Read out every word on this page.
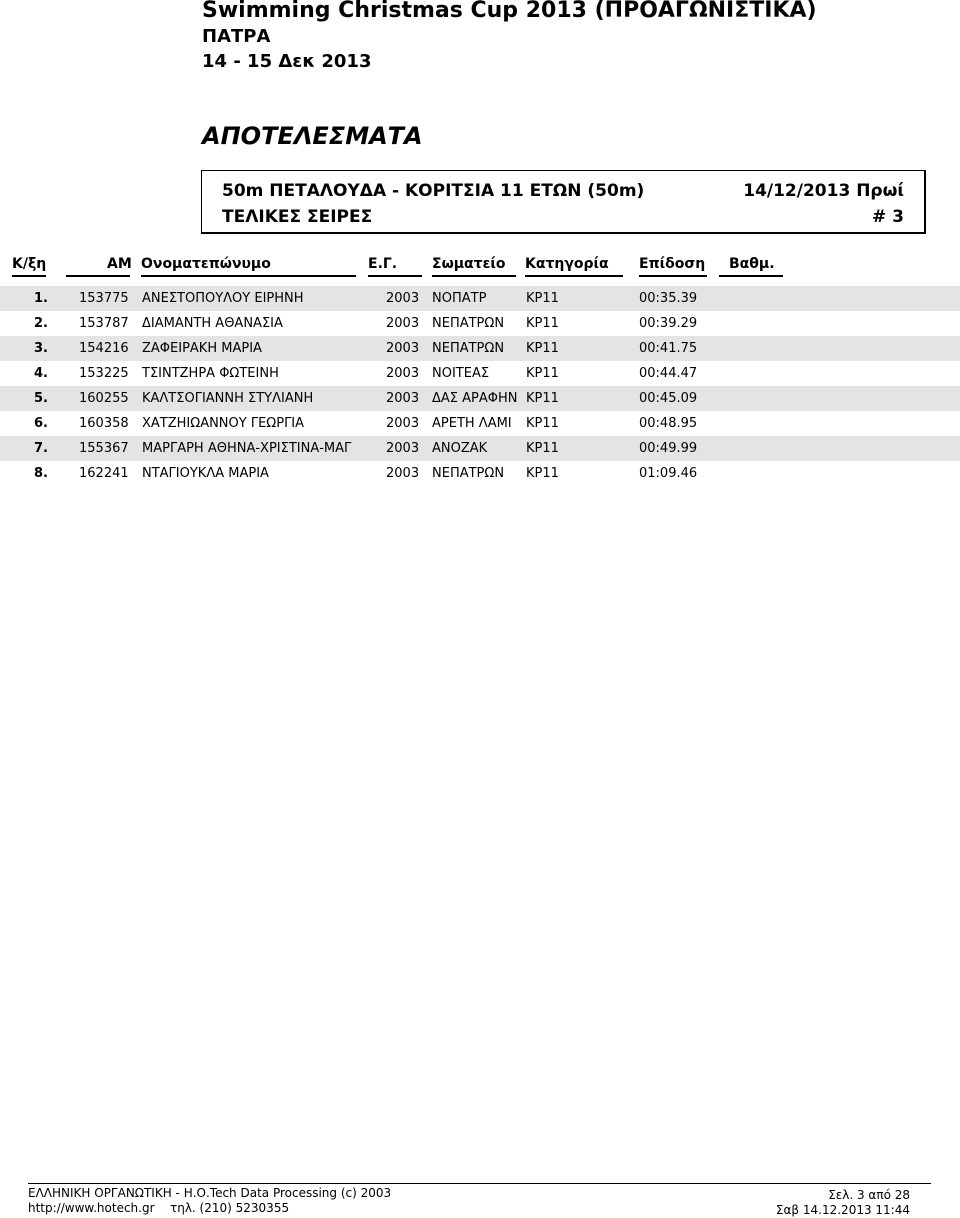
Swimming Christmas Cup 2013 (ΠΡΟΑΓΩΝΙΣΤΙΚΑ)
ΠΑΤΡΑ
14 - 15 Δεκ 2013
ΑΠΟΤΕΛΕΣΜΑΤΑ
50m ΠΕΤΑΛΟΥΔΑ - ΚΟΡΙΤΣΙΑ 11 ΕΤΩΝ (50m)	14/12/2013 Πρωί
ΤΕΛΙΚΕΣ ΣΕΙΡΕΣ	# 3
Κ/ξη	ΑΜ Ονοματεπώνυμο	Ε.Γ. Σωματείο Κατηγορία Επίδοση Βαθμ.
1. 153775 ΑΝΕΣΤΟΠΟΥΛΟΥ ΕΙΡΗΝΗ	2003 ΝΟΠΑΤΡ	ΚΡ11	00:35.39
2. 153787 ΔΙΑΜΑΝΤΗ ΑΘΑΝΑΣΙΑ	2003 ΝΕΠΑΤΡΩΝ ΚΡ11	00:39.29
3. 154216 ΖΑΦΕΙΡΑΚΗ ΜΑΡΙΑ	2003 ΝΕΠΑΤΡΩΝ ΚΡ11	00:41.75
4. 153225 ΤΣΙΝΤΖΗΡΑ ΦΩΤΕΙΝΗ	2003 ΝΟΙΤΕΑΣ	ΚΡ11	00:44.47
5. 160255 ΚΑΛΤΣΟΓΙΑΝΝΗ ΣΤΥΛΙΑΝΗ	2003 ΔΑΣ ΑΡΑΦΗΝ ΚΡ11	00:45.09
6. 160358 ΧΑΤΖΗΙΩΑΝΝΟΥ ΓΕΩΡΓΙΑ	2003 ΑΡΕΤΗ ΛΑΜΙ ΚΡ11	00:48.95
7. 155367 ΜΑΡΓΑΡΗ ΑΘΗΝΑ-ΧΡΙΣΤΙΝΑ-ΜΑΓ	2003 ΑΝΟΖΑΚ	ΚΡ11	00:49.99
8. 162241 ΝΤΑΓΙΟΥΚΛΑ ΜΑΡΙΑ	2003 ΝΕΠΑΤΡΩΝ ΚΡ11	01:09.46
ΕΛΛΗΝΙΚΗ ΟΡΓΑΝΩΤΙΚΗ - Η.Ο.Tech Data Processing (c) 2003
http://www.hotech.gr τηλ. (210) 5230355
Σελ. 3 από 28
Σαβ 14.12.2013 11:44
